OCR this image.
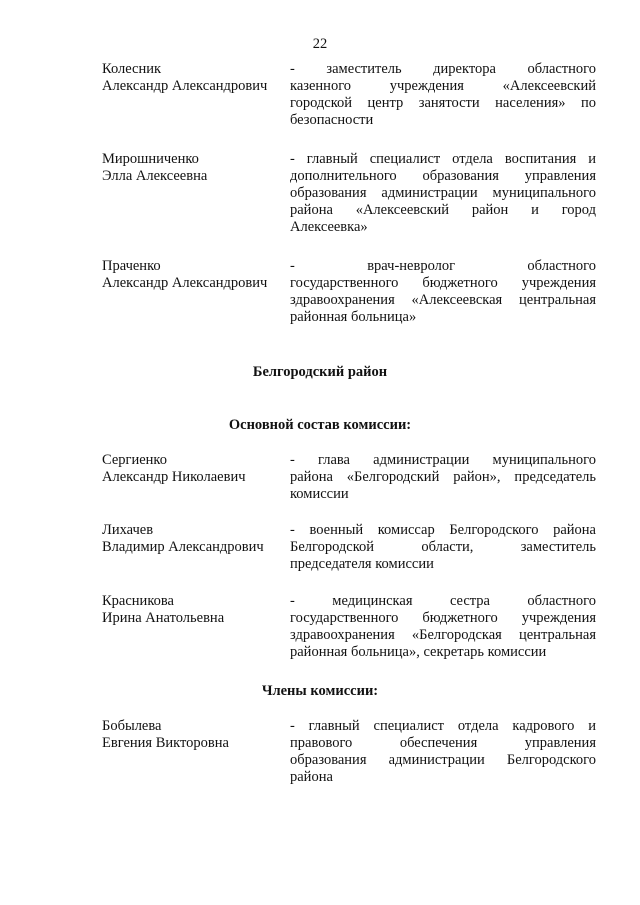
22
Колесник
Александр Александрович
- заместитель директора областного
казенного учреждения «Алексеевский
городской центр занятости населения» по
безопасности
Мирошниченко
Элла Алексеевна
- главный специалист отдела воспитания и
дополнительного образования управления
образования администрации муниципального
района «Алексеевский район и город
Алексеевка»
Праченко
Александр Александрович
- врач-невролог областного
государственного бюджетного учреждения
здравоохранения «Алексеевская центральная
районная больница»
Белгородский район
Основной состав комиссии:
Сергиенко
Александр Николаевич
- глава администрации муниципального
района «Белгородский район», председатель
комиссии
Лихачев
Владимир Александрович
- военный комиссар Белгородского района
Белгородской области, заместитель
председателя комиссии
Красникова
Ирина Анатольевна
- медицинская сестра областного
государственного бюджетного учреждения
здравоохранения «Белгородская центральная
районная больница», секретарь комиссии
Члены комиссии:
Бобылева
Евгения Викторовна
- главный специалист отдела кадрового и
правового обеспечения управления
образования администрации Белгородского
района
